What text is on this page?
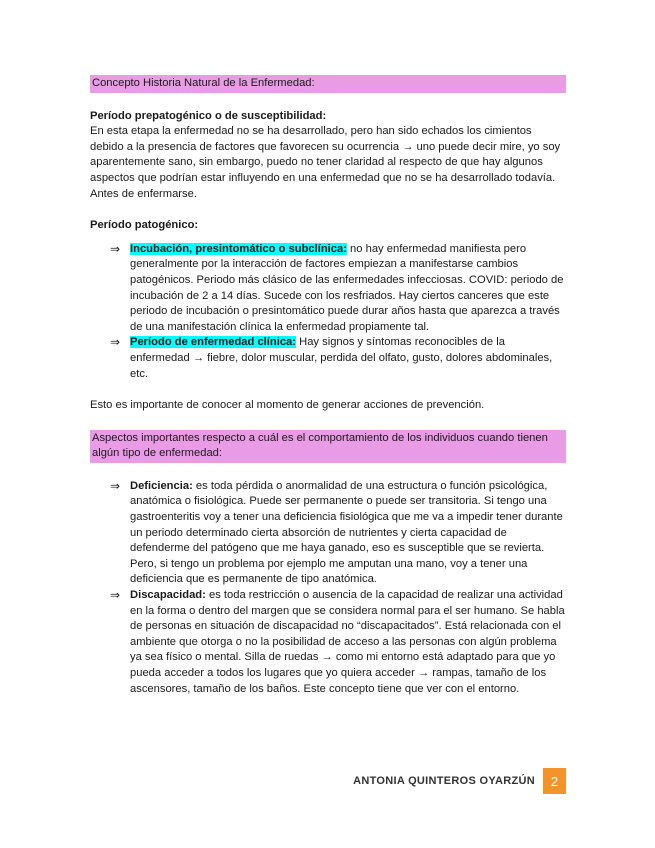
Concepto Historia Natural de la Enfermedad:

Período prepatogénico o de susceptibilidad:

En esta etapa la enfermedad no se ha desarrollado, pero han sido echados los cimientos debido a la presencia de factores que favorecen su ocurrencia → uno puede decir mire, yo soy aparentemente sano, sin embargo, puedo no tener claridad al respecto de que hay algunos aspectos que podrían estar influyendo en una enfermedad que no se ha desarrollado todavía. Antes de enfermarse.

Período patogénico:

⇒ Incubación, presintomático o subclínica: no hay enfermedad manifiesta pero generalmente por la interacción de factores empiezan a manifestarse cambios patogénicos. Periodo más clásico de las enfermedades infecciosas. COVID: periodo de incubación de 2 a 14 días. Sucede con los resfriados. Hay ciertos canceres que este periodo de incubación o presintomático puede durar años hasta que aparezca a través de una manifestación clínica la enfermedad propiamente tal.
⇒ Período de enfermedad clínica: Hay signos y síntomas reconocibles de la enfermedad → fiebre, dolor muscular, perdida del olfato, gusto, dolores abdominales, etc.

Esto es importante de conocer al momento de generar acciones de prevención.

Aspectos importantes respecto a cuál es el comportamiento de los individuos cuando tienen algún tipo de enfermedad:
⇒ Deficiencia: es toda pérdida o anormalidad de una estructura o función psicológica, anatómica o fisiológica. Puede ser permanente o puede ser transitoria. Si tengo una gastroenteritis voy a tener una deficiencia fisiológica que me va a impedir tener durante un periodo determinado cierta absorción de nutrientes y cierta capacidad de defenderme del patógeno que me haya ganado, eso es susceptible que se revierta. Pero, si tengo un problema por ejemplo me amputan una mano, voy a tener una deficiencia que es permanente de tipo anatómica.
⇒ Discapacidad: es toda restricción o ausencia de la capacidad de realizar una actividad en la forma o dentro del margen que se considera normal para el ser humano. Se habla de personas en situación de discapacidad no “discapacitados”. Está relacionada con el ambiente que otorga o no la posibilidad de acceso a las personas con algún problema ya sea físico o mental. Silla de ruedas → como mi entorno está adaptado para que yo pueda acceder a todos los lugares que yo quiera acceder → rampas, tamaño de los ascensores, tamaño de los baños. Este concepto tiene que ver con el entorno.
ANTONIA QUINTEROS OYARZÚN	2
